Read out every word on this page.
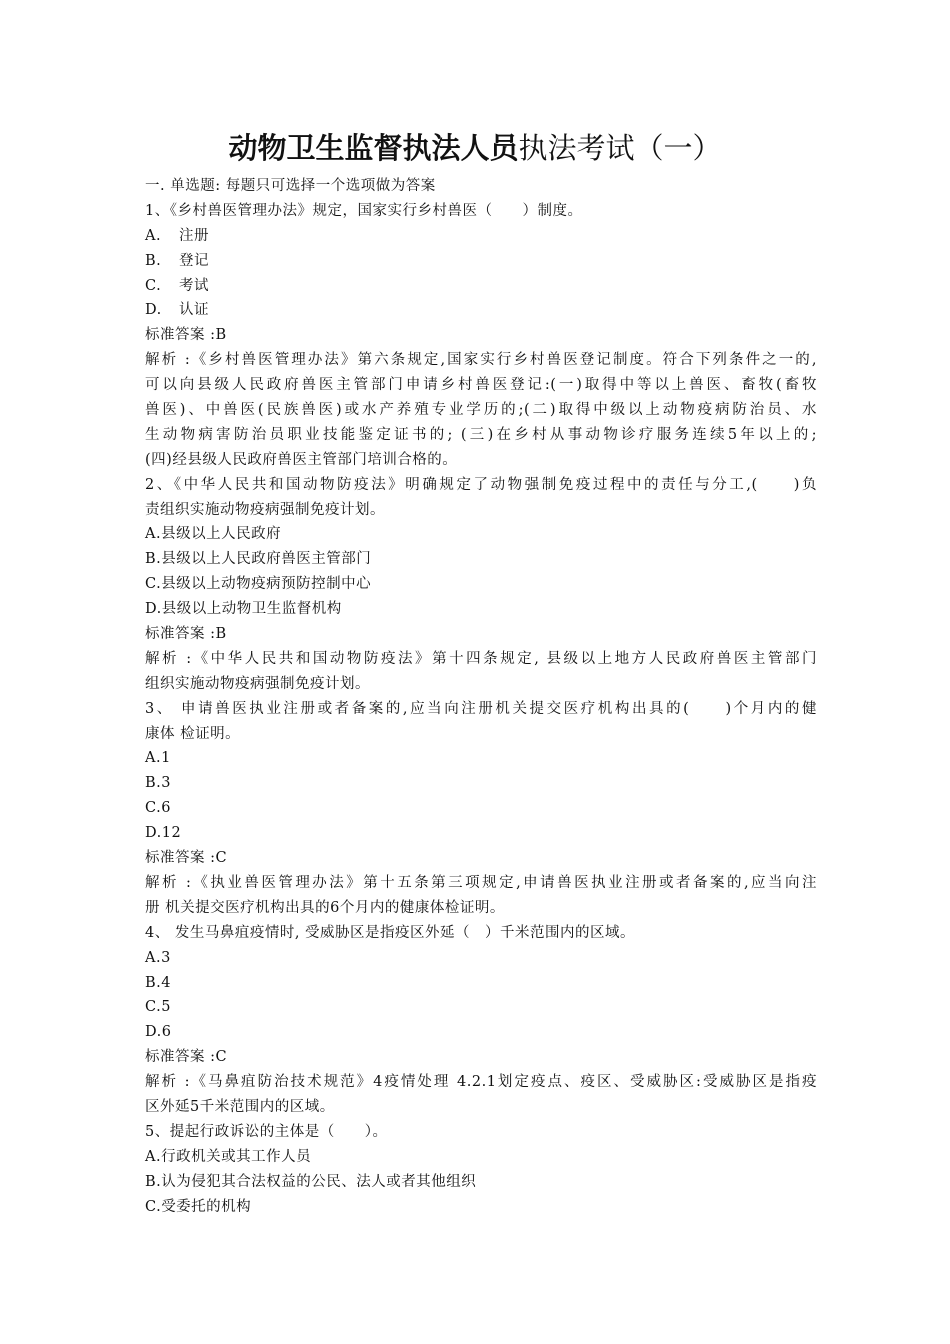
动物卫生监督执法人员执法考试（一）
一. 单选题: 每题只可选择一个选项做为答案
1、《乡村兽医管理办法》规定，国家实行乡村兽医（　　）制度。
A. 注册
B. 登记
C. 考试
D. 认证
标准答案 :B
解析 :《乡村兽医管理办法》第六条规定,国家实行乡村兽医登记制度。符合下列条件之一的,
可以向县级人民政府兽医主管部门申请乡村兽医登记:(一)取得中等以上兽医、畜牧(畜牧
兽医)、中兽医(民族兽医)或水产养殖专业学历的;(二)取得中级以上动物疫病防治员、水
生动物病害防治员职业技能鉴定证书的; (三)在乡村从事动物诊疗服务连续5年以上的;
(四)经县级人民政府兽医主管部门培训合格的。
2、《中华人民共和国动物防疫法》明确规定了动物强制免疫过程中的责任与分工,(　　)负
责组织实施动物疫病强制免疫计划。
A.县级以上人民政府
B.县级以上人民政府兽医主管部门
C.县级以上动物疫病预防控制中心
D.县级以上动物卫生监督机构
标准答案 :B
解析 :《中华人民共和国动物防疫法》第十四条规定, 县级以上地方人民政府兽医主管部门
组织实施动物疫病强制免疫计划。
3、 申请兽医执业注册或者备案的,应当向注册机关提交医疗机构出具的(　　)个月内的健
康体 检证明。
A.1
B.3
C.6
D.12
标准答案 :C
解析 :《执业兽医管理办法》第十五条第三项规定,申请兽医执业注册或者备案的,应当向注
册 机关提交医疗机构出具的6个月内的健康体检证明。
4、 发生马鼻疽疫情时, 受威胁区是指疫区外延（　）千米范围内的区域。
A.3
B.4
C.5
D.6
标准答案 :C
解析 :《马鼻疽防治技术规范》4疫情处理 4.2.1划定疫点、疫区、受威胁区:受威胁区是指疫
区外延5千米范围内的区域。
5、提起行政诉讼的主体是（　　）。
A.行政机关或其工作人员
B.认为侵犯其合法权益的公民、法人或者其他组织
C.受委托的机构
